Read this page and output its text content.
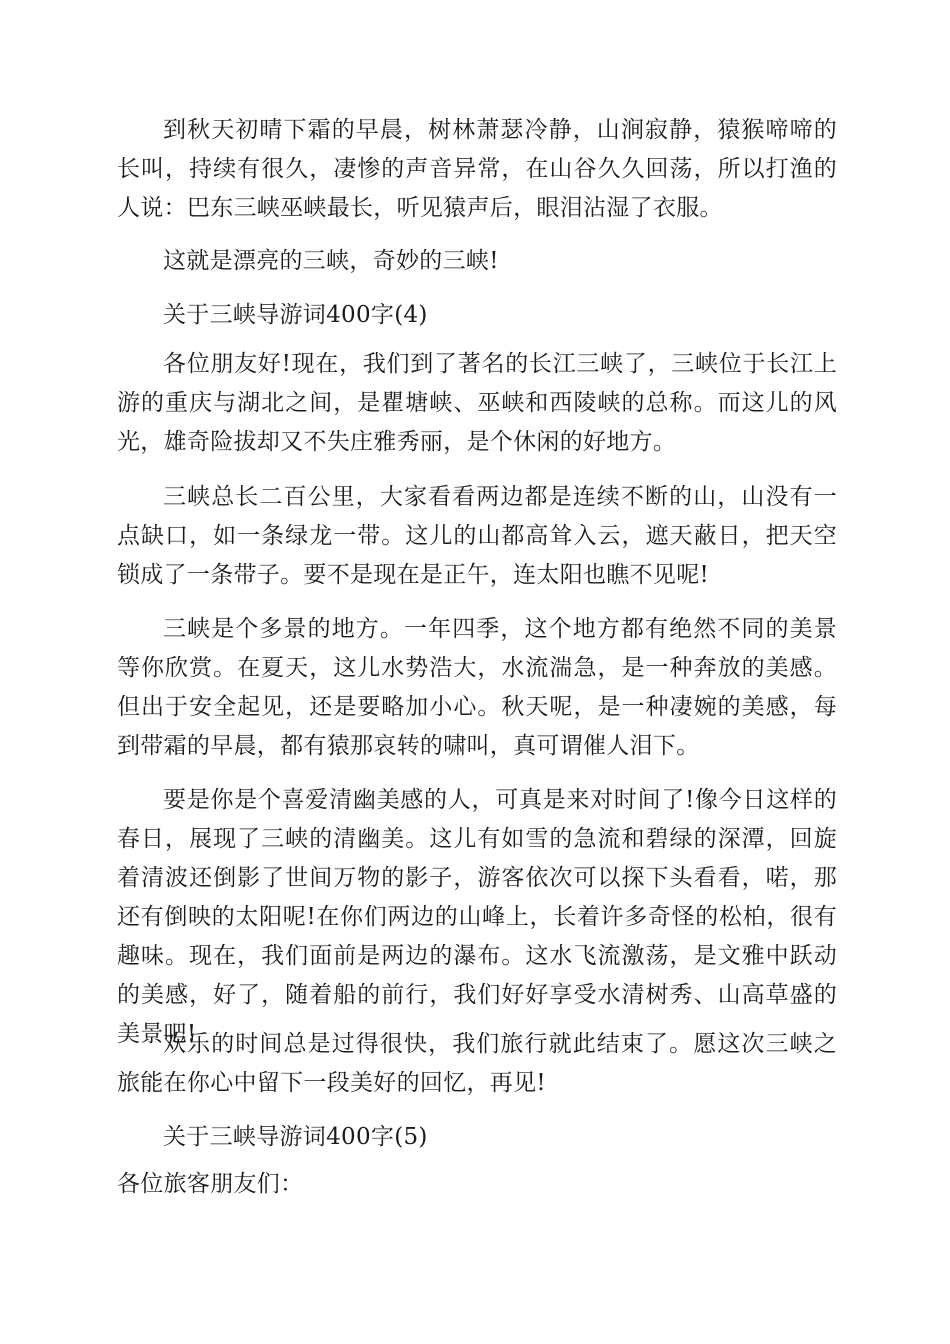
到秋天初晴下霜的早晨，树林萧瑟冷静，山涧寂静，猿猴啼啼的长叫，持续有很久，凄惨的声音异常，在山谷久久回荡，所以打渔的人说：巴东三峡巫峡最长，听见猿声后，眼泪沾湿了衣服。

这就是漂亮的三峡，奇妙的三峡!

关于三峡导游词400字(4)

各位朋友好!现在，我们到了著名的长江三峡了，三峡位于长江上游的重庆与湖北之间，是瞿塘峡、巫峡和西陵峡的总称。而这儿的风光，雄奇险拔却又不失庄雅秀丽，是个休闲的好地方。

三峡总长二百公里，大家看看两边都是连续不断的山，山没有一点缺口，如一条绿龙一带。这儿的山都高耸入云，遮天蔽日，把天空锁成了一条带子。要不是现在是正午，连太阳也瞧不见呢!

三峡是个多景的地方。一年四季，这个地方都有绝然不同的美景等你欣赏。在夏天，这儿水势浩大，水流湍急，是一种奔放的美感。但出于安全起见，还是要略加小心。秋天呢，是一种凄婉的美感，每到带霜的早晨，都有猿那哀转的啸叫，真可谓催人泪下。

要是你是个喜爱清幽美感的人，可真是来对时间了!像今日这样的春日，展现了三峡的清幽美。这儿有如雪的急流和碧绿的深潭，回旋着清波还倒影了世间万物的影子，游客依次可以探下头看看，喏，那还有倒映的太阳呢!在你们两边的山峰上，长着许多奇怪的松柏，很有趣味。现在，我们面前是两边的瀑布。这水飞流激荡，是文雅中跃动的美感，好了，随着船的前行，我们好好享受水清树秀、山高草盛的美景吧!

欢乐的时间总是过得很快，我们旅行就此结束了。愿这次三峡之旅能在你心中留下一段美好的回忆，再见!

关于三峡导游词400字(5)

各位旅客朋友们：
